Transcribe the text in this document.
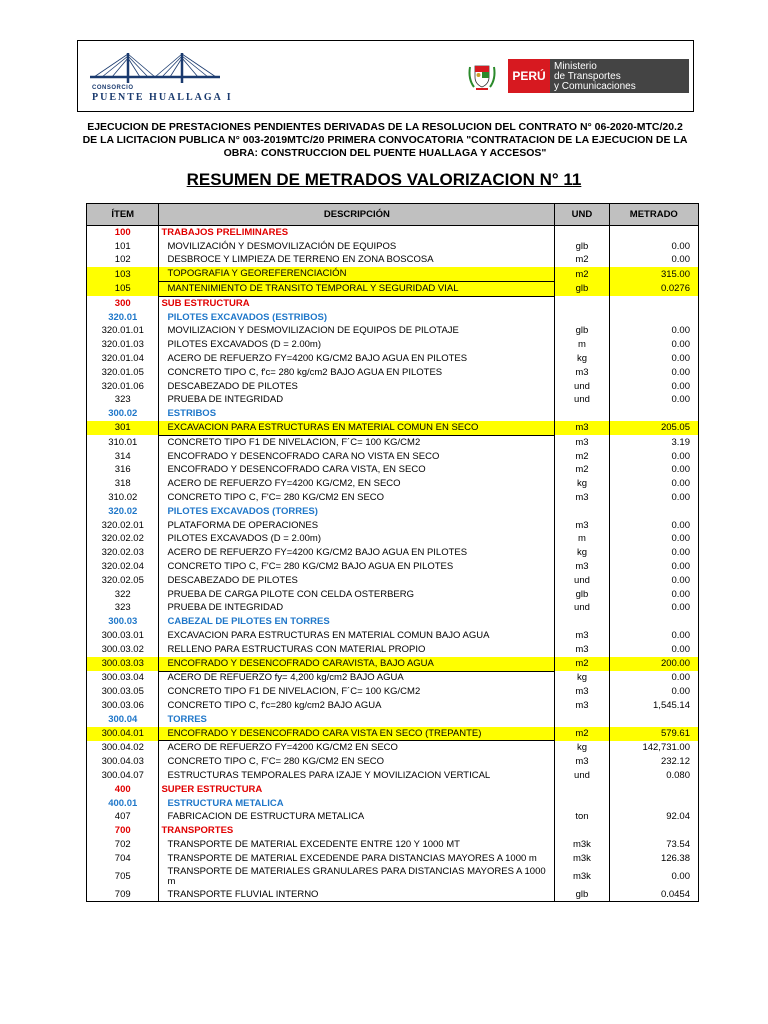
CONSORCIO
PUENTE HUALLAGA I
PERÚ
Ministerio
de Transportes
y Comunicaciones
EJECUCION DE PRESTACIONES PENDIENTES DERIVADAS DE LA RESOLUCION DEL CONTRATO N° 06-2020-MTC/20.2 DE LA LICITACION PUBLICA N° 003-2019MTC/20 PRIMERA CONVOCATORIA "CONTRATACION DE LA EJECUCION DE LA OBRA: CONSTRUCCION DEL PUENTE HUALLAGA Y ACCESOS"
RESUMEN DE METRADOS VALORIZACION N° 11
ÍTEM	DESCRIPCIÓN	UND	METRADO
100	TRABAJOS PRELIMINARES		
101	MOVILIZACIÓN Y DESMOVILIZACIÓN DE EQUIPOS	glb	0.00
102	DESBROCE Y LIMPIEZA DE TERRENO EN ZONA BOSCOSA	m2	0.00
103	TOPOGRAFIA Y GEOREFERENCIACIÓN	m2	315.00
105	MANTENIMIENTO DE TRANSITO TEMPORAL Y SEGURIDAD VIAL	glb	0.0276
300	SUB ESTRUCTURA		
320.01	PILOTES EXCAVADOS (ESTRIBOS)		
320.01.01	MOVILIZACION Y DESMOVILIZACION DE EQUIPOS DE PILOTAJE	glb	0.00
320.01.03	PILOTES EXCAVADOS (D = 2.00m)	m	0.00
320.01.04	ACERO DE REFUERZO FY=4200 KG/CM2 BAJO AGUA EN PILOTES	kg	0.00
320.01.05	CONCRETO TIPO C, f'c= 280 kg/cm2 BAJO AGUA EN PILOTES	m3	0.00
320.01.06	DESCABEZADO DE PILOTES	und	0.00
323	PRUEBA DE INTEGRIDAD	und	0.00
300.02	ESTRIBOS		
301	EXCAVACION PARA ESTRUCTURAS EN MATERIAL COMUN EN SECO	m3	205.05
310.01	CONCRETO TIPO F1 DE NIVELACION, F´C= 100 KG/CM2	m3	3.19
314	ENCOFRADO Y DESENCOFRADO CARA NO VISTA EN SECO	m2	0.00
316	ENCOFRADO Y DESENCOFRADO CARA VISTA, EN SECO	m2	0.00
318	ACERO DE REFUERZO FY=4200 KG/CM2, EN SECO	kg	0.00
310.02	CONCRETO TIPO C, F'C= 280 KG/CM2 EN SECO	m3	0.00
320.02	PILOTES EXCAVADOS (TORRES)		
320.02.01	PLATAFORMA DE OPERACIONES	m3	0.00
320.02.02	PILOTES EXCAVADOS (D = 2.00m)	m	0.00
320.02.03	ACERO DE REFUERZO FY=4200 KG/CM2 BAJO AGUA EN PILOTES	kg	0.00
320.02.04	CONCRETO TIPO C, F'C= 280 KG/CM2 BAJO AGUA EN PILOTES	m3	0.00
320.02.05	DESCABEZADO DE PILOTES	und	0.00
322	PRUEBA DE CARGA PILOTE CON CELDA OSTERBERG	glb	0.00
323	PRUEBA DE INTEGRIDAD	und	0.00
300.03	CABEZAL DE PILOTES EN TORRES		
300.03.01	EXCAVACION PARA ESTRUCTURAS EN MATERIAL COMUN BAJO AGUA	m3	0.00
300.03.02	RELLENO PARA ESTRUCTURAS CON MATERIAL PROPIO	m3	0.00
300.03.03	ENCOFRADO Y DESENCOFRADO CARAVISTA, BAJO AGUA	m2	200.00
300.03.04	ACERO DE REFUERZO fy= 4,200 kg/cm2 BAJO AGUA	kg	0.00
300.03.05	CONCRETO TIPO F1 DE NIVELACION, F´C= 100 KG/CM2	m3	0.00
300.03.06	CONCRETO TIPO C, f'c=280 kg/cm2 BAJO AGUA	m3	1,545.14
300.04	TORRES		
300.04.01	ENCOFRADO Y DESENCOFRADO CARA VISTA EN SECO (TREPANTE)	m2	579.61
300.04.02	ACERO DE REFUERZO FY=4200 KG/CM2 EN SECO	kg	142,731.00
300.04.03	CONCRETO TIPO C, F'C= 280 KG/CM2 EN SECO	m3	232.12
300.04.07	ESTRUCTURAS TEMPORALES PARA IZAJE Y MOVILIZACION VERTICAL	und	0.080
400	SUPER ESTRUCTURA		
400.01	ESTRUCTURA METALICA		
407	FABRICACION DE ESTRUCTURA METALICA	ton	92.04
700	TRANSPORTES		
702	TRANSPORTE DE MATERIAL EXCEDENTE ENTRE 120 Y 1000 MT	m3k	73.54
704	TRANSPORTE DE MATERIAL EXCEDENDE PARA DISTANCIAS MAYORES A 1000 m	m3k	126.38
705	TRANSPORTE DE MATERIALES GRANULARES PARA DISTANCIAS MAYORES A 1000 m	m3k	0.00
709	TRANSPORTE FLUVIAL INTERNO	glb	0.0454
